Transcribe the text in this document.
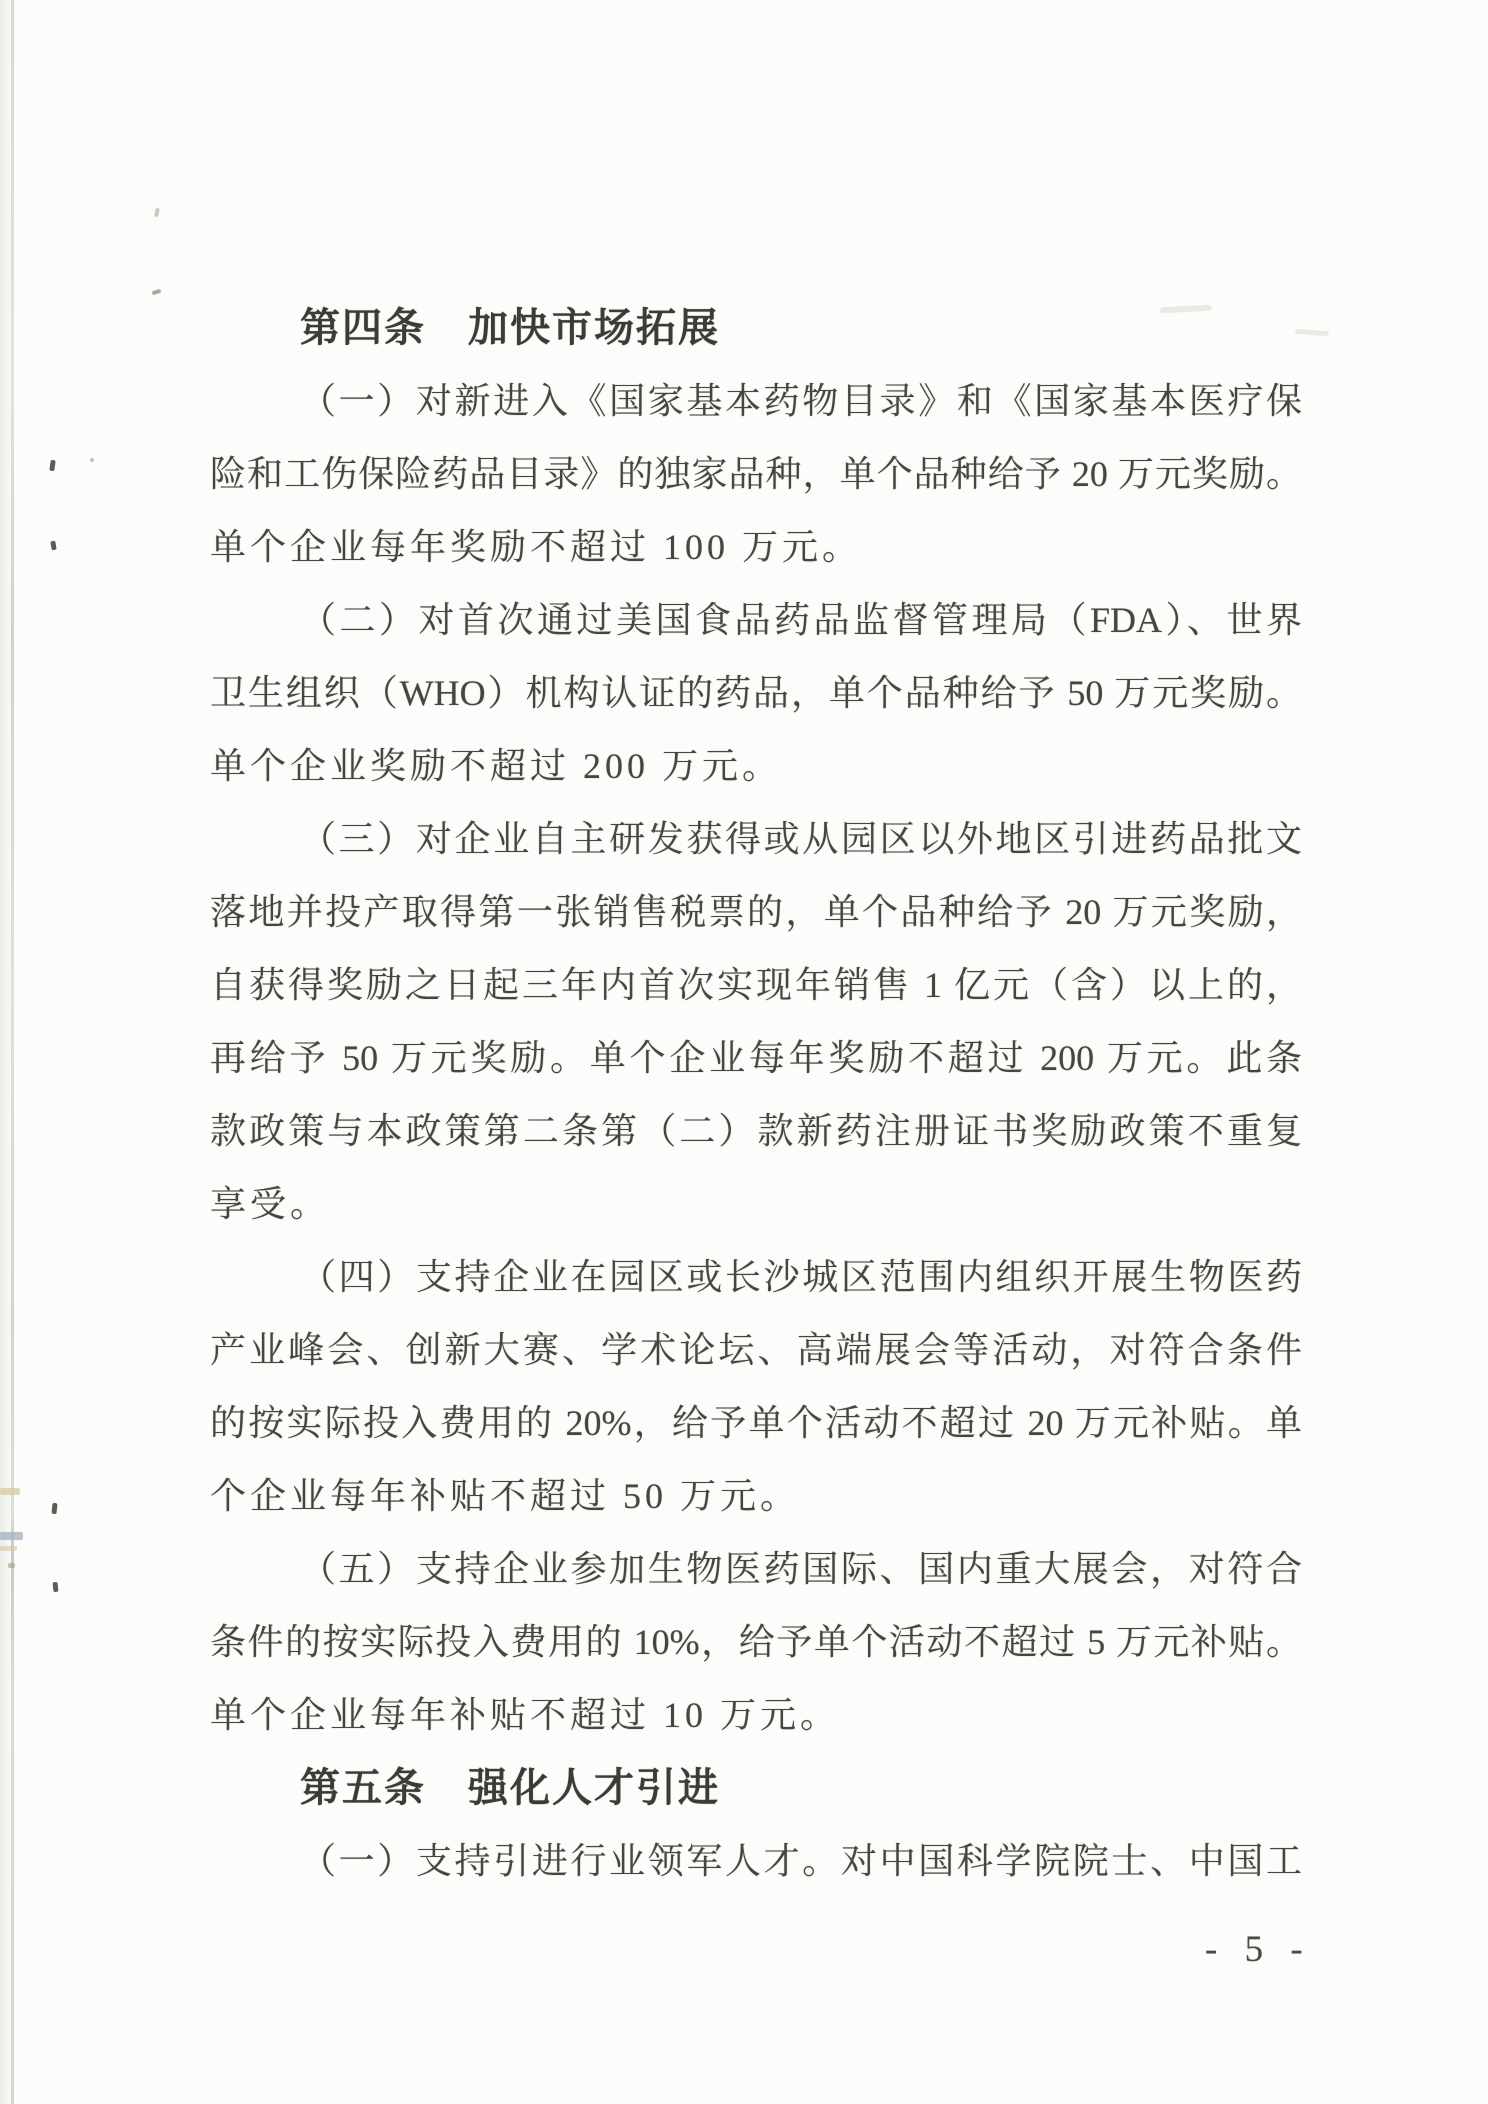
第四条　加快市场拓展
（一）对新进入《国家基本药物目录》和《国家基本医疗保
险和工伤保险药品目录》的独家品种，单个品种给予 20 万元奖励。
单个企业每年奖励不超过 100 万元。
（二）对首次通过美国食品药品监督管理局（FDA）、世界
卫生组织（WHO）机构认证的药品，单个品种给予 50 万元奖励。
单个企业奖励不超过 200 万元。
（三）对企业自主研发获得或从园区以外地区引进药品批文
落地并投产取得第一张销售税票的，单个品种给予 20 万元奖励，
自获得奖励之日起三年内首次实现年销售 1 亿元（含）以上的，
再给予 50 万元奖励。单个企业每年奖励不超过 200 万元。此条
款政策与本政策第二条第（二）款新药注册证书奖励政策不重复
享受。
（四）支持企业在园区或长沙城区范围内组织开展生物医药
产业峰会、创新大赛、学术论坛、高端展会等活动，对符合条件
的按实际投入费用的 20%，给予单个活动不超过 20 万元补贴。单
个企业每年补贴不超过 50 万元。
（五）支持企业参加生物医药国际、国内重大展会，对符合
条件的按实际投入费用的 10%，给予单个活动不超过 5 万元补贴。
单个企业每年补贴不超过 10 万元。
第五条　强化人才引进
（一）支持引进行业领军人才。对中国科学院院士、中国工
- 5 -
